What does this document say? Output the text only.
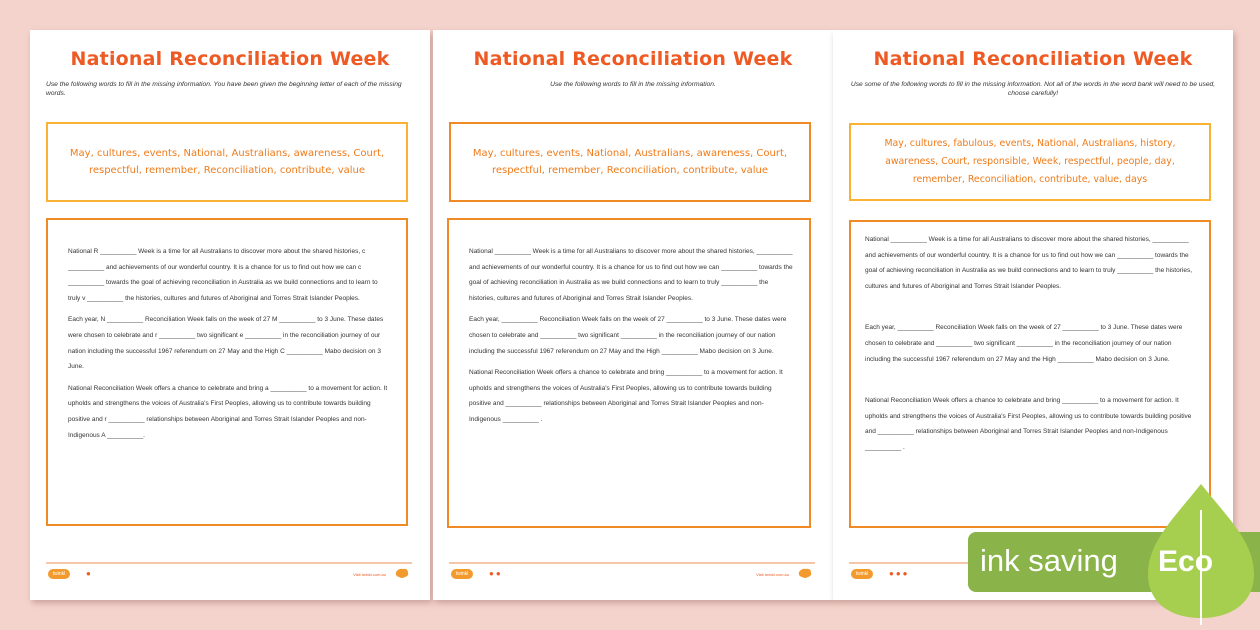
National Reconciliation Week
Use the following words to fill in the missing information. You have been given the beginning letter of each of the missing words.
May, cultures, events, National, Australians, awareness, Court, respectful, remember, Reconciliation, contribute, value

National R __________ Week is a time for all Australians to discover more about the shared histories, c __________ and achievements of our wonderful country. It is a chance for us to find out how we can c __________ towards the goal of achieving reconciliation in Australia as we build connections and to learn to truly v __________ the histories, cultures and futures of Aboriginal and Torres Strait Islander Peoples.

Each year, N __________ Reconciliation Week falls on the week of 27 M __________ to 3 June. These dates were chosen to celebrate and r __________ two significant e __________ in the reconciliation journey of our nation including the successful 1967 referendum on 27 May and the High C __________ Mabo decision on 3 June.

National Reconciliation Week offers a chance to celebrate and bring a __________ to a movement for action. It upholds and strengthens the voices of Australia's First Peoples, allowing us to contribute towards building positive and r __________ relationships between Aboriginal and Torres Strait Islander Peoples and non-Indigenous A __________.

twinkl	●	Visit twinkl.com.au
National Reconciliation Week
Use the following words to fill in the missing information.
May, cultures, events, National, Australians, awareness, Court, respectful, remember, Reconciliation, contribute, value

National __________ Week is a time for all Australians to discover more about the shared histories, __________ and achievements of our wonderful country. It is a chance for us to find out how we can __________ towards the goal of achieving reconciliation in Australia as we build connections and to learn to truly __________ the histories, cultures and futures of Aboriginal and Torres Strait Islander Peoples.

Each year, __________ Reconciliation Week falls on the week of 27 __________ to 3 June. These dates were chosen to celebrate and __________ two significant __________ in the reconciliation journey of our nation including the successful 1967 referendum on 27 May and the High __________ Mabo decision on 3 June.

National Reconciliation Week offers a chance to celebrate and bring __________ to a movement for action. It upholds and strengthens the voices of Australia's First Peoples, allowing us to contribute towards building positive and __________ relationships between Aboriginal and Torres Strait Islander Peoples and non-Indigenous __________ .

twinkl	●●	Visit twinkl.com.au
National Reconciliation Week
Use some of the following words to fill in the missing information. Not all of the words in the word bank will need to be used, choose carefully!
May, cultures, fabulous, events, National, Australians, history, awareness, Court, responsible, Week, respectful, people, day, remember, Reconciliation, contribute, value, days

National __________ Week is a time for all Australians to discover more about the shared histories, __________ and achievements of our wonderful country. It is a chance for us to find out how we can __________ towards the goal of achieving reconciliation in Australia as we build connections and to learn to truly __________ the histories, cultures and futures of Aboriginal and Torres Strait Islander Peoples.

Each year, __________ Reconciliation Week falls on the week of 27 __________ to 3 June. These dates were chosen to celebrate and __________ two significant __________ in the reconciliation journey of our nation including the successful 1967 referendum on 27 May and the High __________ Mabo decision on 3 June.

National Reconciliation Week offers a chance to celebrate and bring __________ to a movement for action. It upholds and strengthens the voices of Australia's First Peoples, allowing us to contribute towards building positive and __________ relationships between Aboriginal and Torres Strait Islander Peoples and non-Indigenous __________ .

twinkl	●●● ink saving Eco
